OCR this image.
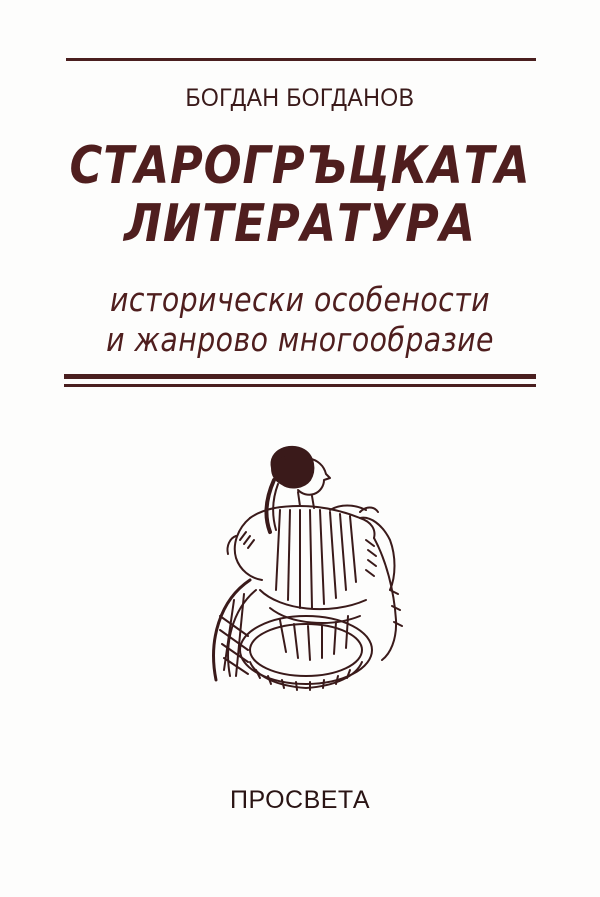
БОГДАН БОГДАНОВ
СТАРОГРЪЦКАТА
ЛИТЕРАТУРА
исторически особености
и жанрово многообразие
ПРОСВЕТА
